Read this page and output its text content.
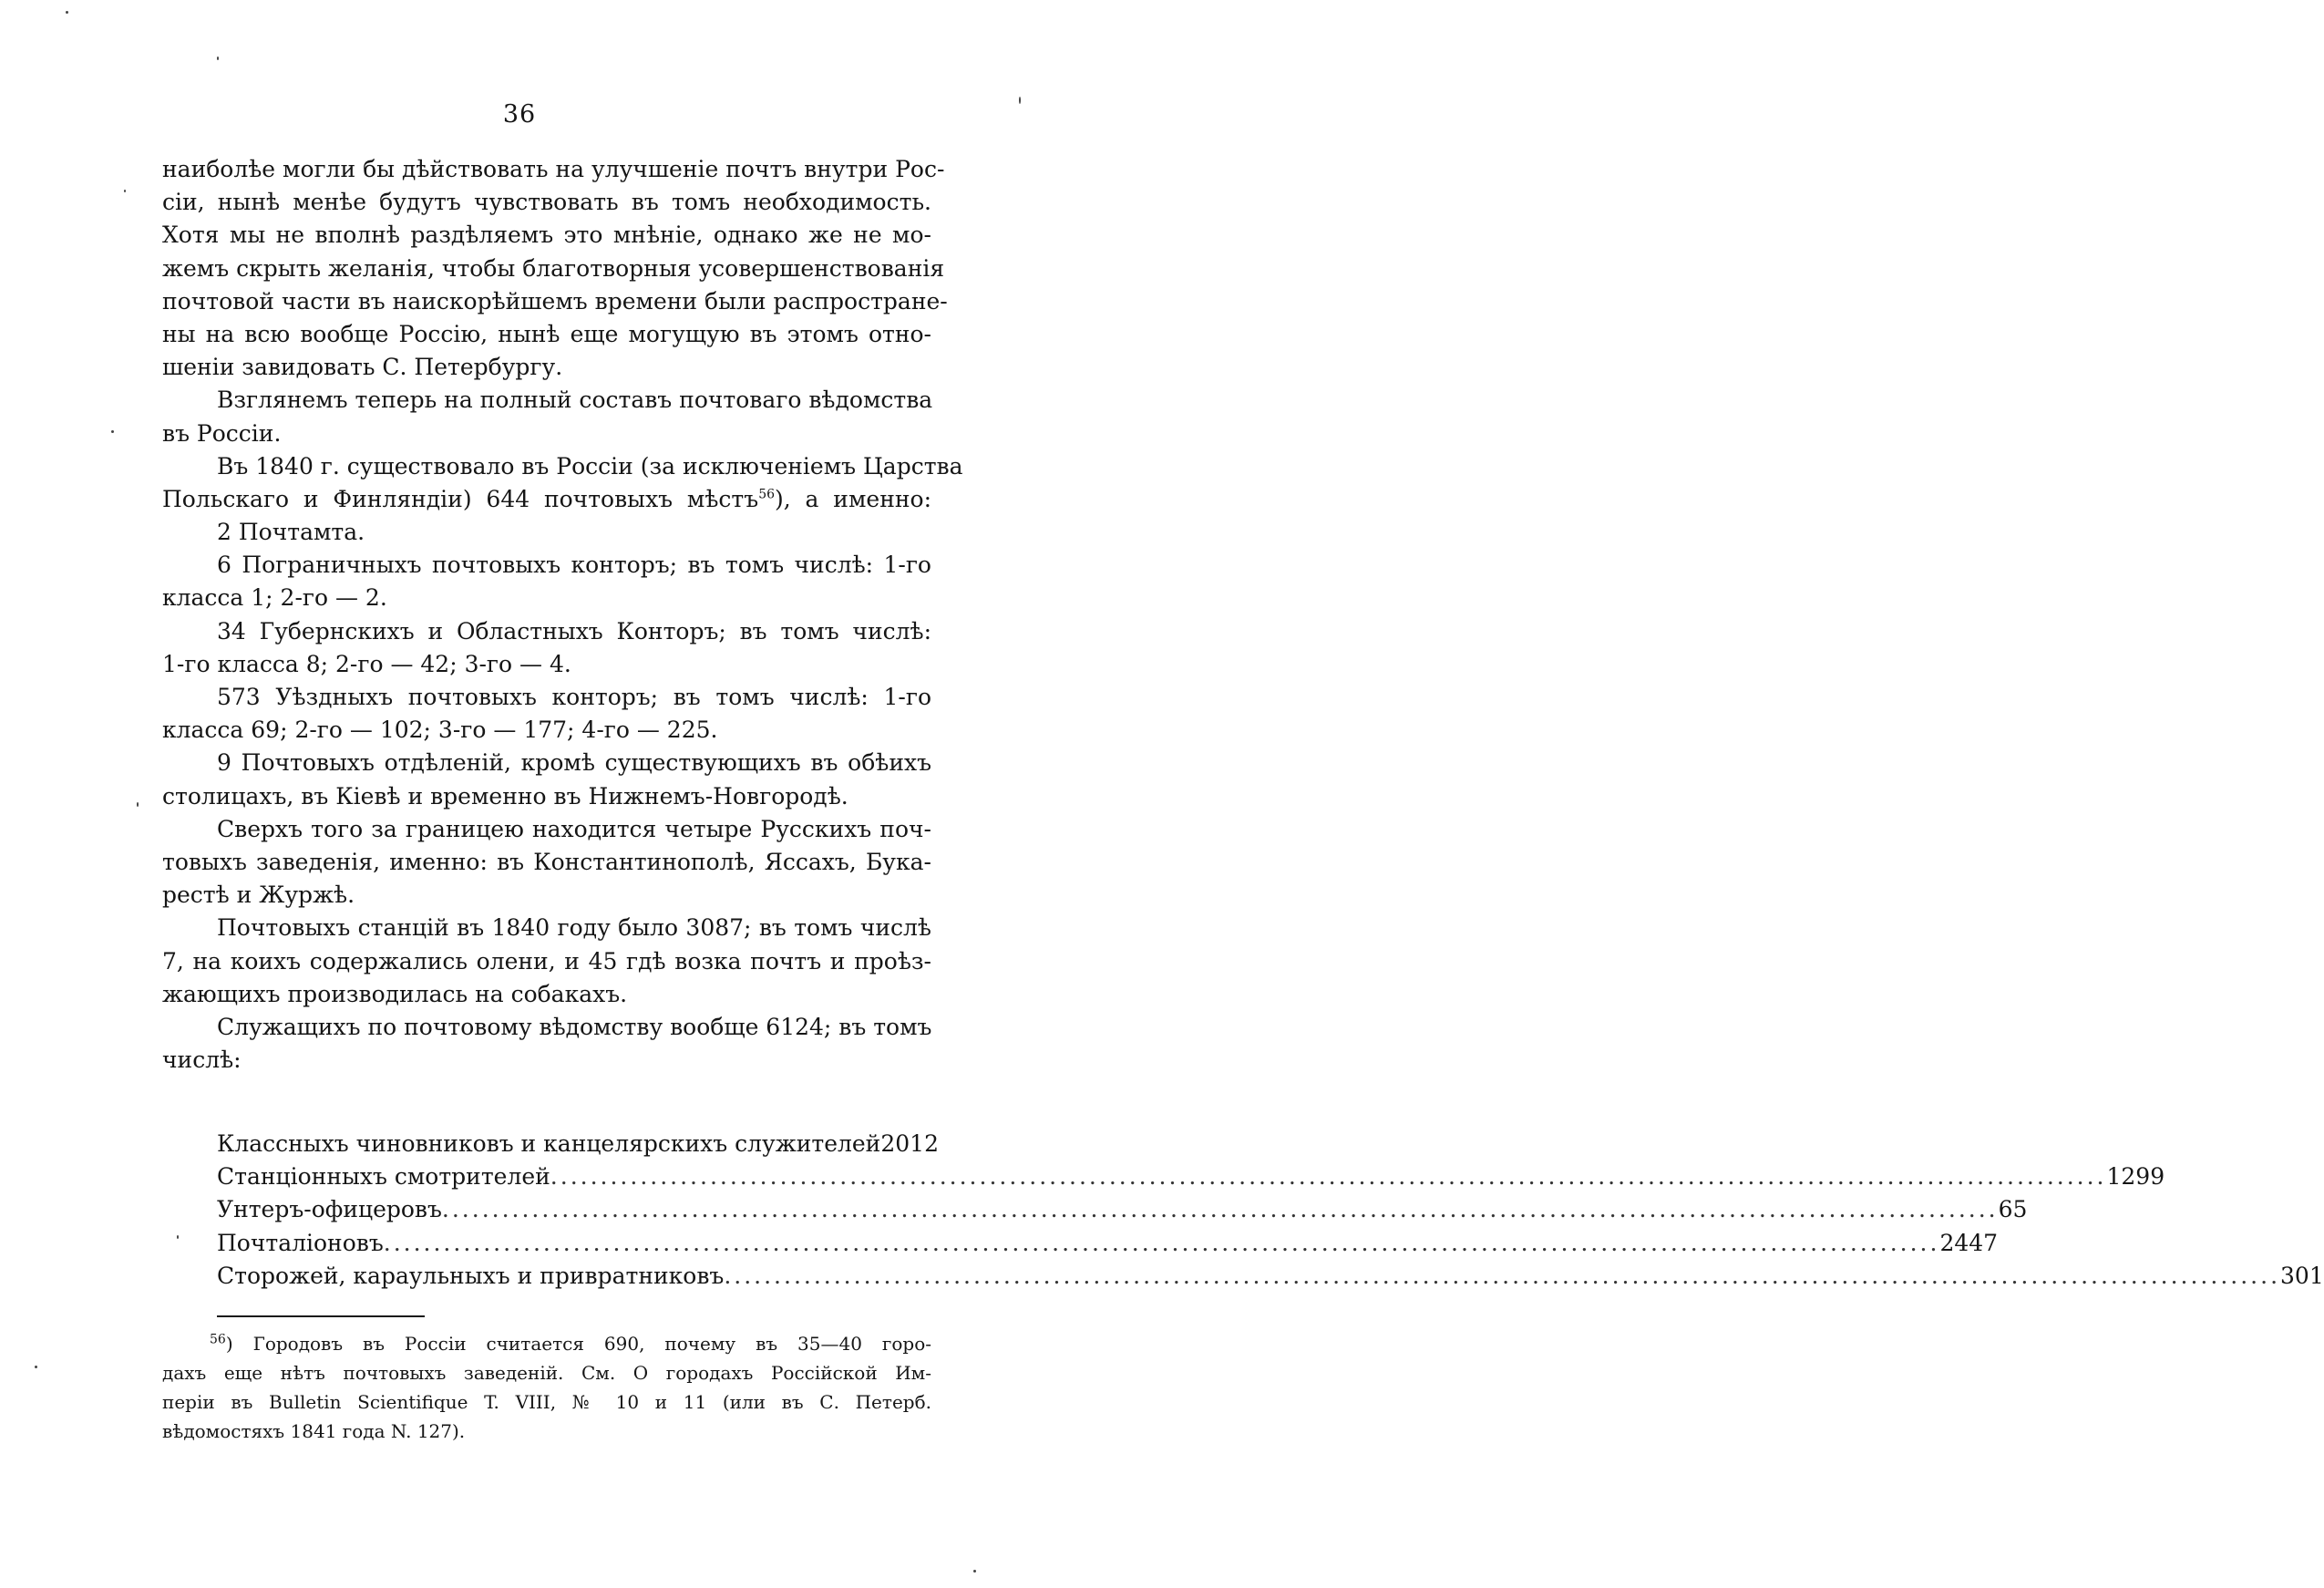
36
наиболѣе могли бы дѣйствовать на улучшеніе почтъ внутри Рос-
сіи, нынѣ менѣе будутъ чувствовать въ томъ необходимость.
Хотя мы не вполнѣ раздѣляемъ это мнѣніе, однако же не мо-
жемъ скрыть желанія, чтобы благотворныя усовершенствованія
почтовой части въ наискорѣйшемъ времени были распростране-
ны на всю вообще Россію, нынѣ еще могущую въ этомъ отно-
шеніи завидовать С. Петербургу.
Взглянемъ теперь на полный составъ почтоваго вѣдомства
въ Россіи.
Въ 1840 г. существовало въ Россіи (за исключеніемъ Царства
Польскаго и Финляндіи) 644 почтовыхъ мѣстъ$^{56}$), а именно:
2 Почтамта.
6 Пограничныхъ почтовыхъ конторъ; въ томъ числѣ: 1-го
класса 1; 2-го — 2.
34 Губернскихъ и Областныхъ Конторъ; въ томъ числѣ:
1-го класса 8; 2-го — 42; 3-го — 4.
573 Уѣздныхъ почтовыхъ конторъ; въ томъ числѣ: 1-го
класса 69; 2-го — 102; 3-го — 177; 4-го — 225.
9 Почтовыхъ отдѣленій, кромѣ существующихъ въ обѣихъ
столицахъ, въ Кіевѣ и временно въ Нижнемъ-Новгородѣ.
Сверхъ того за границею находится четыре Русскихъ поч-
товыхъ заведенія, именно: въ Константинополѣ, Яссахъ, Бука-
рестѣ и Журжѣ.
Почтовыхъ станцій въ 1840 году было 3087; въ томъ числѣ
7, на коихъ содержались олени, и 45 гдѣ возка почтъ и проѣз-
жающихъ производилась на собакахъ.
Служащихъ по почтовому вѣдомству вообще 6124; въ томъ
числѣ:
Классныхъ чиновниковъ и канцелярскихъ служителей 2012
Станціонныхъ смотрителей .....	1299
Унтеръ-офицеровъ .....	65
Почталіоновъ .....	2447
Сторожей, караульныхъ и привратниковъ .....	301
$^{56}$) Городовъ въ Россіи считается 690, почему въ 35—40 горо-
дахъ еще нѣтъ почтовыхъ заведеній. См. О городахъ Россійской Им-
періи въ Bulletin Scientifique T. VIII, № 10 и 11 (или въ С. Петерб.
вѣдомостяхъ 1841 года N. 127).
